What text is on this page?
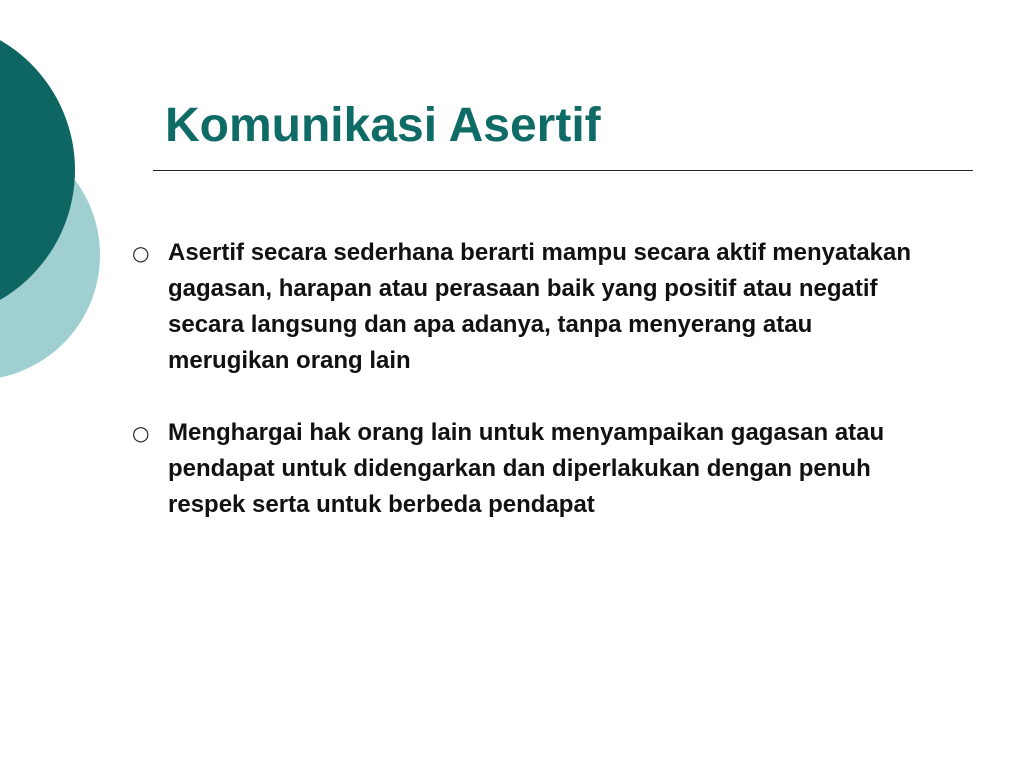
Komunikasi Asertif
○ Asertif secara sederhana berarti mampu secara aktif menyatakan gagasan, harapan atau perasaan baik yang positif atau negatif secara langsung dan apa adanya, tanpa menyerang atau merugikan orang lain
○ Menghargai hak orang lain untuk menyampaikan gagasan atau pendapat untuk didengarkan dan diperlakukan dengan penuh respek serta untuk berbeda pendapat
